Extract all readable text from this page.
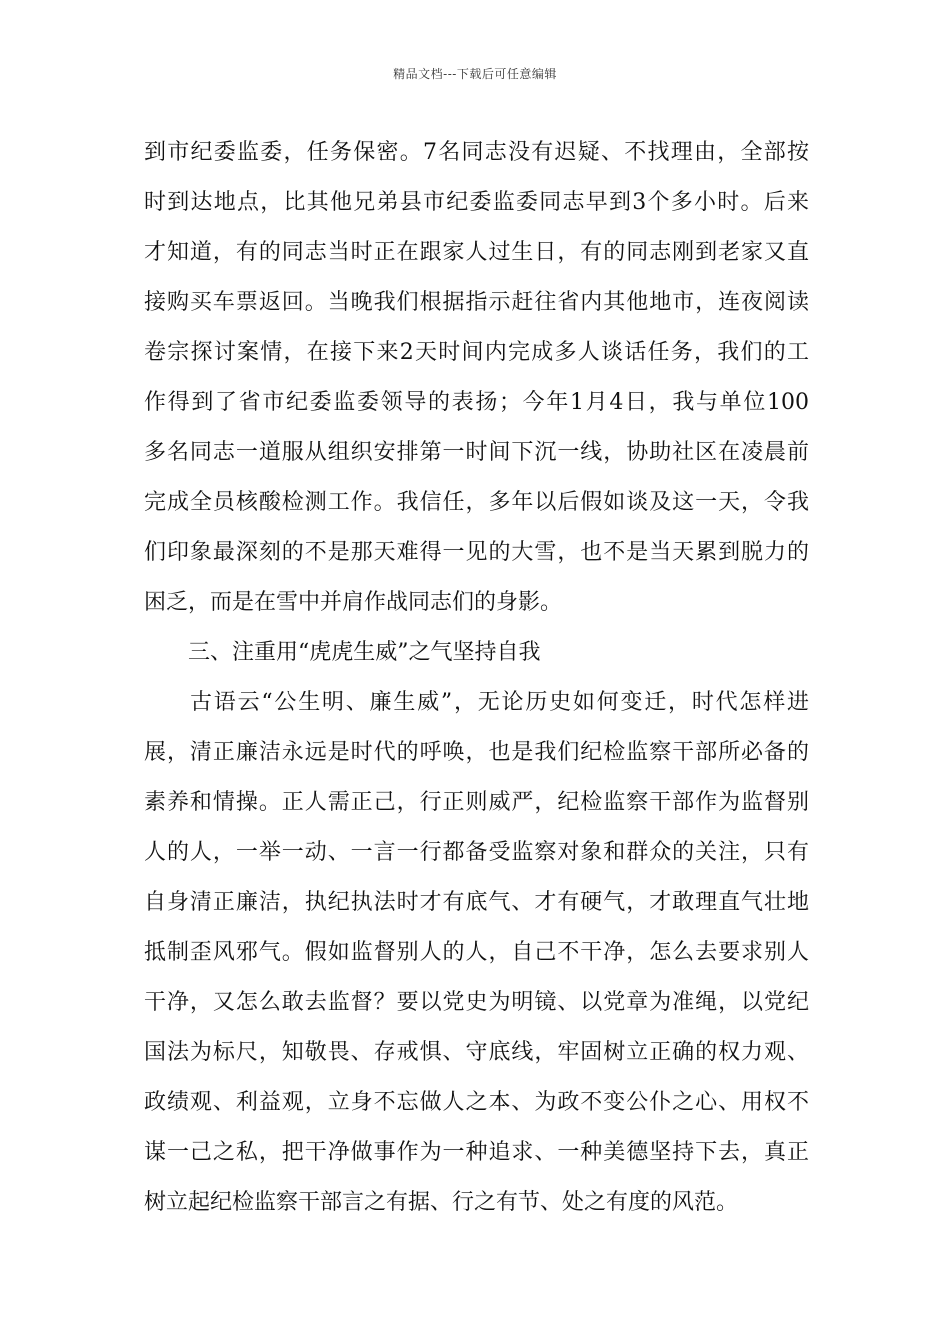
精品文档---下载后可任意编辑
到市纪委监委，任务保密。7名同志没有迟疑、不找理由，全部按
时到达地点，比其他兄弟县市纪委监委同志早到3个多小时。后来
才知道，有的同志当时正在跟家人过生日，有的同志刚到老家又直
接购买车票返回。当晚我们根据指示赶往省内其他地市，连夜阅读
卷宗探讨案情，在接下来2天时间内完成多人谈话任务，我们的工
作得到了省市纪委监委领导的表扬；今年1月4日，我与单位100
多名同志一道服从组织安排第一时间下沉一线，协助社区在凌晨前
完成全员核酸检测工作。我信任，多年以后假如谈及这一天，令我
们印象最深刻的不是那天难得一见的大雪，也不是当天累到脱力的
困乏，而是在雪中并肩作战同志们的身影。
三、注重用“虎虎生威”之气坚持自我
古语云“公生明、廉生威”，无论历史如何变迁，时代怎样进
展，清正廉洁永远是时代的呼唤，也是我们纪检监察干部所必备的
素养和情操。正人需正己，行正则威严，纪检监察干部作为监督别
人的人，一举一动、一言一行都备受监察对象和群众的关注，只有
自身清正廉洁，执纪执法时才有底气、才有硬气，才敢理直气壮地
抵制歪风邪气。假如监督别人的人，自己不干净，怎么去要求别人
干净，又怎么敢去监督？要以党史为明镜、以党章为准绳，以党纪
国法为标尺，知敬畏、存戒惧、守底线，牢固树立正确的权力观、
政绩观、利益观，立身不忘做人之本、为政不变公仆之心、用权不
谋一己之私，把干净做事作为一种追求、一种美德坚持下去，真正
树立起纪检监察干部言之有据、行之有节、处之有度的风范。
